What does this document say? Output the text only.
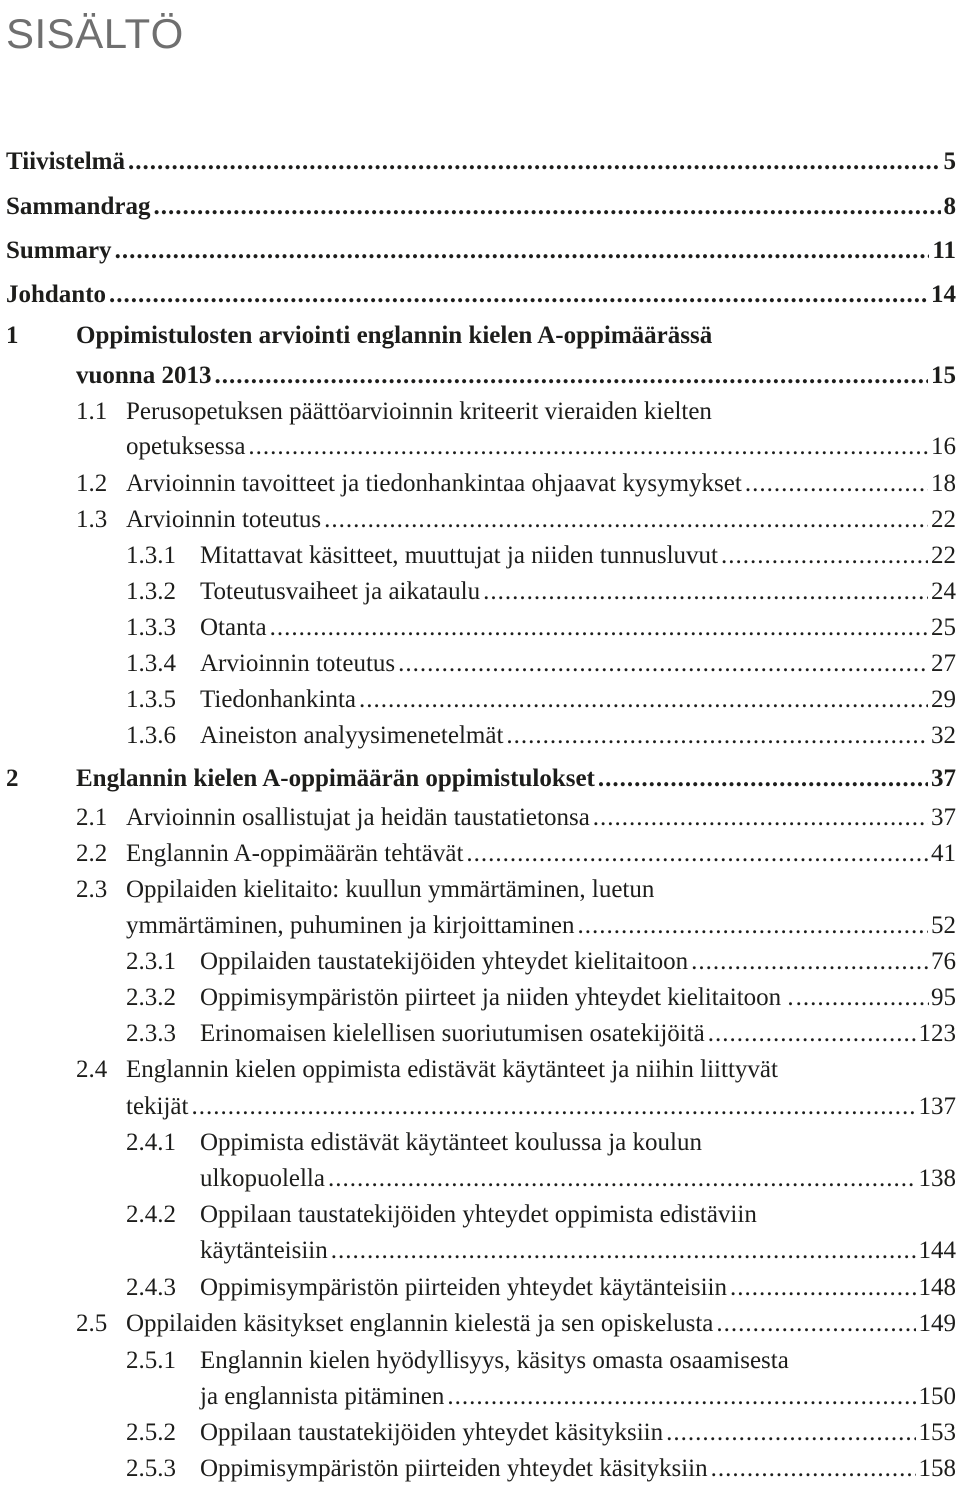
SISÄLTÖ
Tiivistelmä .....	5
Sammandrag .....	8
Summary .....	11
Johdanto .....	14
1 Oppimistulosten arviointi englannin kielen A-oppimäärässä
vuonna 2013 .....	15
1.1 Perusopetuksen päättöarvioinnin kriteerit vieraiden kielten
opetuksessa .....	16
1.2 Arvioinnin tavoitteet ja tiedonhankintaa ohjaavat kysymykset .....	18
1.3 Arvioinnin toteutus .....	22
1.3.1 Mitattavat käsitteet, muuttujat ja niiden tunnusluvut .....	22
1.3.2 Toteutusvaiheet ja aikataulu .....	24
1.3.3 Otanta .....	25
1.3.4 Arvioinnin toteutus .....	27
1.3.5 Tiedonhankinta .....	29
1.3.6 Aineiston analyysimenetelmät .....	32
2	Englannin kielen A-oppimäärän oppimistulokset .....	37
2.1 Arvioinnin osallistujat ja heidän taustatietonsa .....	37
2.2 Englannin A-oppimäärän tehtävät .....	41
2.3 Oppilaiden kielitaito: kuullun ymmärtäminen, luetun
ymmärtäminen, puhuminen ja kirjoittaminen .....	52
2.3.1 Oppilaiden taustatekijöiden yhteydet kielitaitoon .....	76
2.3.2 Oppimisympäristön piirteet ja niiden yhteydet kielitaitoon . .....	95
2.3.3 Erinomaisen kielellisen suoriutumisen osatekijöitä .....	123
2.4 Englannin kielen oppimista edistävät käytänteet ja niihin liittyvät
tekijät .....	137
2.4.1 Oppimista edistävät käytänteet koulussa ja koulun
ulkopuolella .....	138
2.4.2 Oppilaan taustatekijöiden yhteydet oppimista edistäviin
käytänteisiin .....	144
2.4.3 Oppimisympäristön piirteiden yhteydet käytänteisiin .....	148
2.5 Oppilaiden käsitykset englannin kielestä ja sen opiskelusta .....	149
2.5.1 Englannin kielen hyödyllisyys, käsitys omasta osaamisesta
ja englannista pitäminen .....	150
2.5.2 Oppilaan taustatekijöiden yhteydet käsityksiin .....	153
2.5.3 Oppimisympäristön piirteiden yhteydet käsityksiin .....	158
